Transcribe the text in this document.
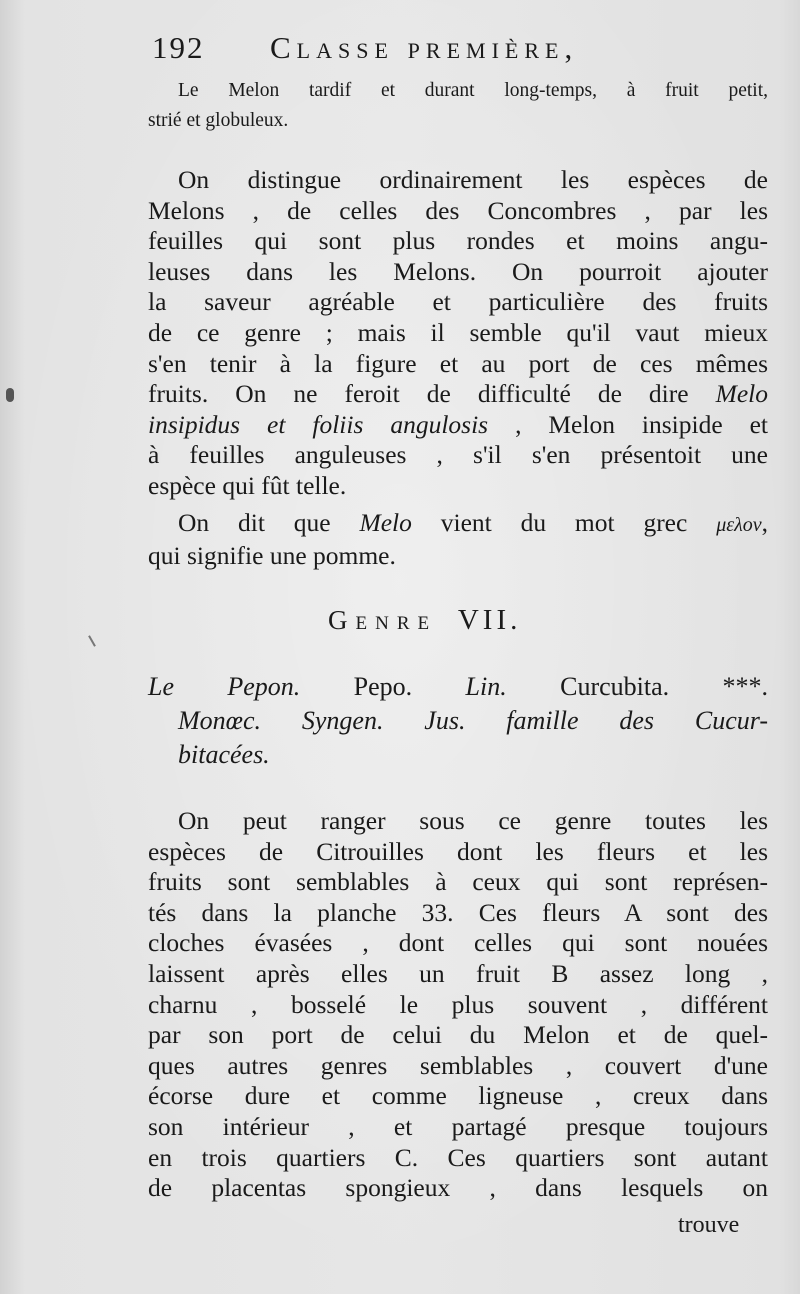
192 Classe première,
Le Melon tardif et durant long-temps, à fruit petit,
strié et globuleux.
On distingue ordinairement les espèces de
Melons , de celles des Concombres , par les
feuilles qui sont plus rondes et moins angu-
leuses dans les Melons. On pourroit ajouter
la saveur agréable et particulière des fruits
de ce genre ; mais il semble qu'il vaut mieux
s'en tenir à la figure et au port de ces mêmes
fruits. On ne feroit de difficulté de dire Melo
insipidus et foliis angulosis , Melon insipide et
à feuilles anguleuses , s'il s'en présentoit une
espèce qui fût telle.
On dit que Melo vient du mot grec μελον,
qui signifie une pomme.
Genre VII.
Le Pepon. Pepo. Lin. Curcubita. ***.
Monœc. Syngen. Jus. famille des Cucur-
bitacées.
On peut ranger sous ce genre toutes les
espèces de Citrouilles dont les fleurs et les
fruits sont semblables à ceux qui sont représen-
tés dans la planche 33. Ces fleurs A sont des
cloches évasées , dont celles qui sont nouées
laissent après elles un fruit B assez long ,
charnu , bosselé le plus souvent , différent
par son port de celui du Melon et de quel-
ques autres genres semblables , couvert d'une
écorse dure et comme ligneuse , creux dans
son intérieur , et partagé presque toujours
en trois quartiers C. Ces quartiers sont autant
de placentas spongieux , dans lesquels on
trouve
